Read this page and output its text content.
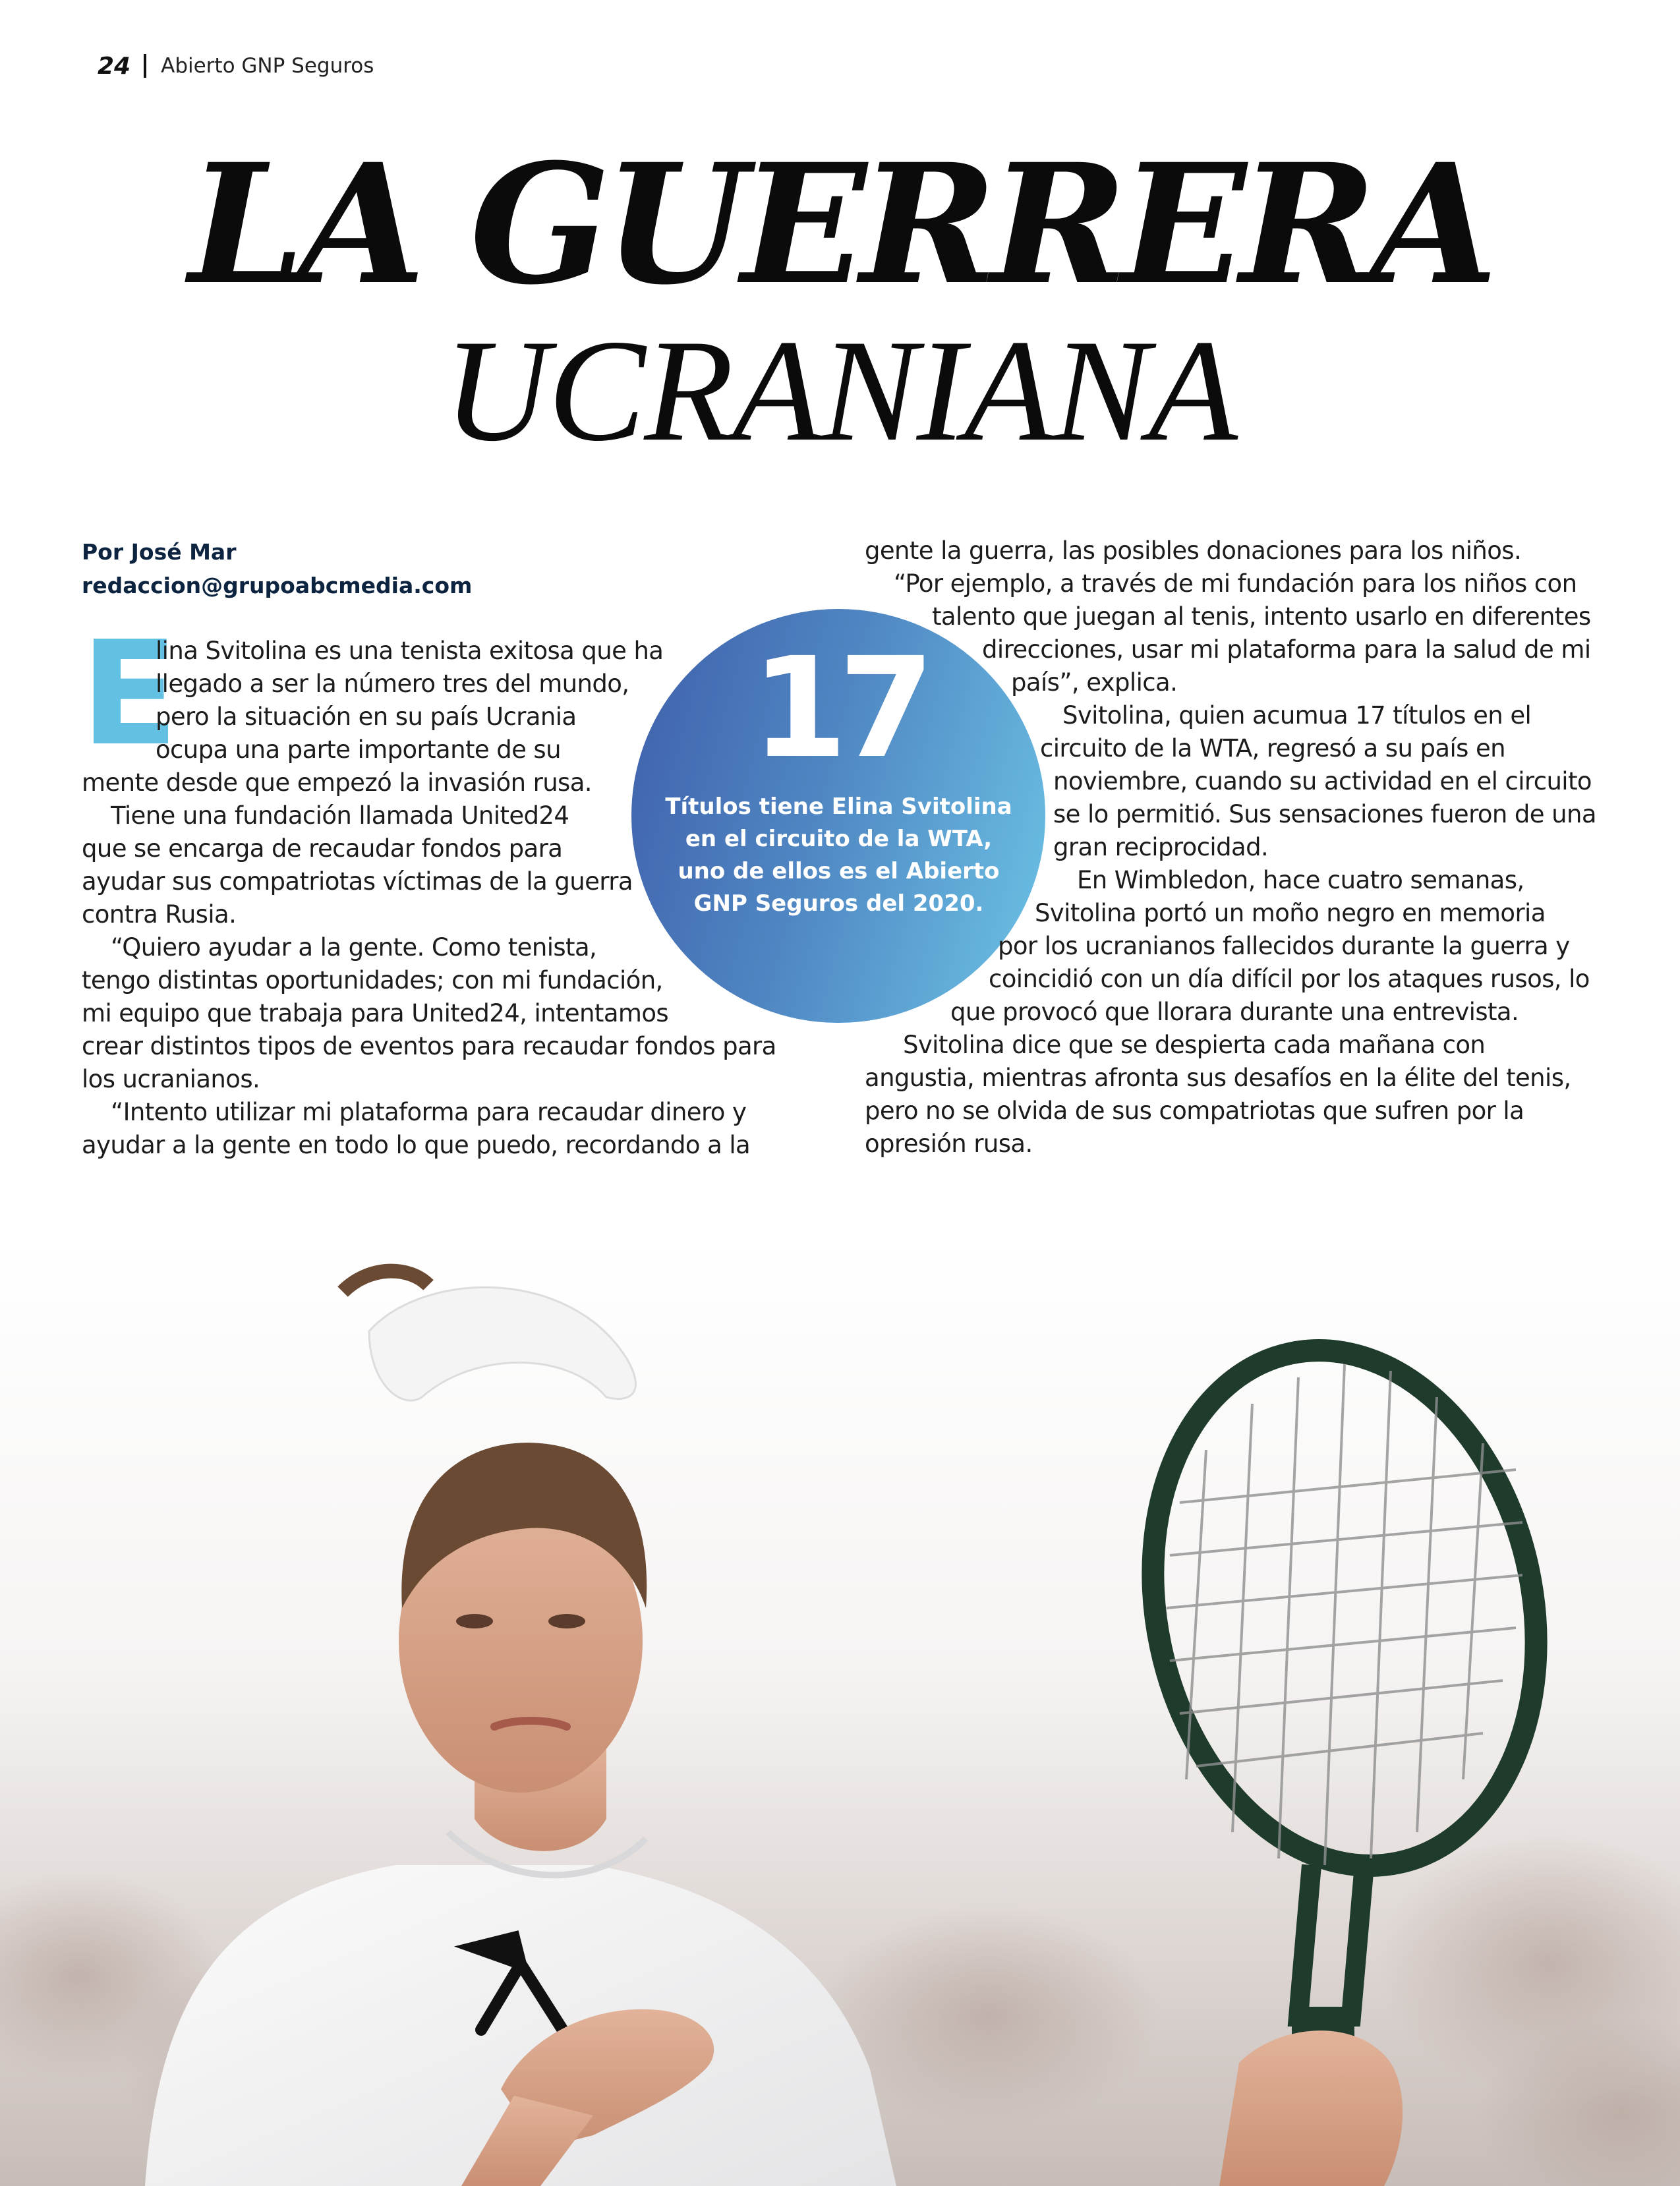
24 Abierto GNP Seguros
LA GUERRERA
UCRANIANA
Por José Mar
redaccion@grupoabcmedia.com
E
lina Svitolina es una tenista exitosa que ha
llegado a ser la número tres del mundo,
pero la situación en su país Ucrania
ocupa una parte importante de su
mente desde que empezó la invasión rusa.
Tiene una fundación llamada United24
que se encarga de recaudar fondos para
ayudar sus compatriotas víctimas de la guerra
contra Rusia.
“Quiero ayudar a la gente. Como tenista,
tengo distintas oportunidades; con mi fundación,
mi equipo que trabaja para United24, intentamos
crear distintos tipos de eventos para recaudar fondos para
los ucranianos.
“Intento utilizar mi plataforma para recaudar dinero y
ayudar a la gente en todo lo que puedo, recordando a la
17
Títulos tiene Elina Svitolina en el circuito de la WTA, uno de ellos es el Abierto GNP Seguros del 2020.
gente la guerra, las posibles donaciones para los niños.
“Por ejemplo, a través de mi fundación para los niños con
talento que juegan al tenis, intento usarlo en diferentes
direcciones, usar mi plataforma para la salud de mi
país”, explica.
Svitolina, quien acumua 17 títulos en el
circuito de la WTA, regresó a su país en
noviembre, cuando su actividad en el circuito
se lo permitió. Sus sensaciones fueron de una
gran reciprocidad.
En Wimbledon, hace cuatro semanas,
Svitolina portó un moño negro en memoria
por los ucranianos fallecidos durante la guerra y
coincidió con un día difícil por los ataques rusos, lo
que provocó que llorara durante una entrevista.
Svitolina dice que se despierta cada mañana con
angustia, mientras afronta sus desafíos en la élite del tenis,
pero no se olvida de sus compatriotas que sufren por la
opresión rusa.
